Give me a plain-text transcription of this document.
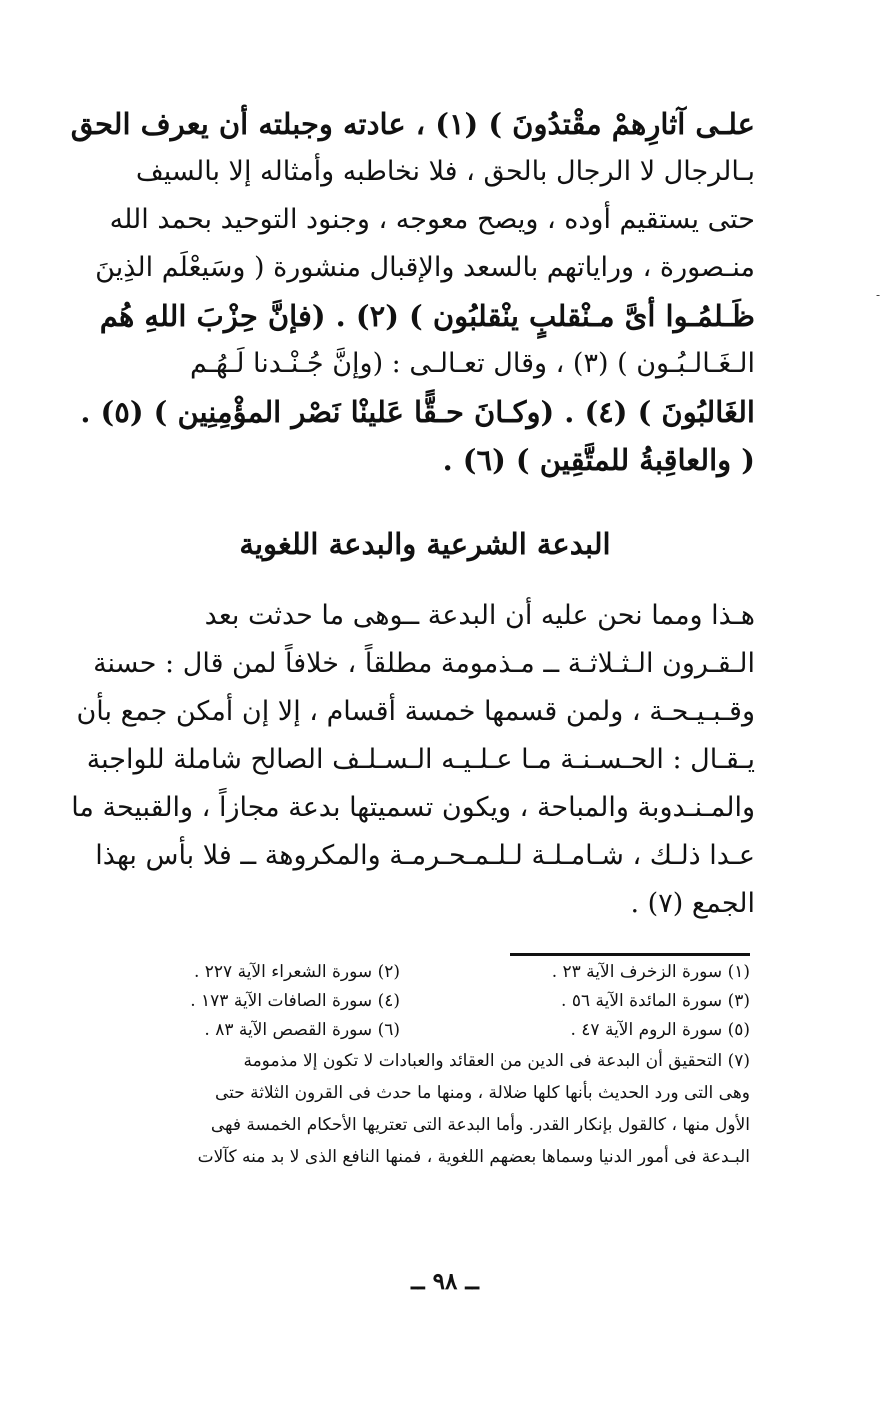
-
علـى آثارِهمْ مقْتدُونَ ) (١) ، عادته وجبلته أن يعرف الحق
بـالرجال لا الرجال بالحق ، فلا نخاطبه وأمثاله إلا بالسيف
حتى يستقيم أوده ، ويصح معوجه ، وجنود التوحيد بحمد الله
منـصورة ، وراياتهم بالسعد والإقبال منشورة ( وسَيعْلَم الذِينَ
ظَـلمُـوا أىَّ مـنْقلبٍ ينْقلبُون ) (٢) . (فإنَّ حِزْبَ اللهِ هُم
الـغَـالـبُـون ) (٣) ، وقال تعـالـى : (وإنَّ جُـنْـدنا لَـهُـم
الغَالبُونَ ) (٤) . (وكـانَ حـقًّا عَلينْا نَصْر المؤْمِنِين ) (٥) .
( والعاقِبةُ للمتَّقِين ) (٦) .
البدعة الشرعية والبدعة اللغوية
هـذا ومما نحن عليه أن البدعة ــوهى ما حدثت بعد
الـقـرون الـثـلاثـة ــ مـذمومة مطلقاً ، خلافاً لمن قال : حسنة
وقـبـيـحـة ، ولمن قسمها خمسة أقسام ، إلا إن أمكن جمع بأن
يـقـال : الحـسـنـة مـا عـلـيـه الـسـلـف الصالح شاملة للواجبة
والمـنـدوبة والمباحة ، ويكون تسميتها بدعة مجازاً ، والقبيحة ما
عـدا ذلـك ، شـامـلـة لـلـمـحـرمـة والمكروهة ــ فلا بأس بهذا
الجمع (٧) .
(١) سورة الزخرف الآية ٢٣ .
(٢) سورة الشعراء الآية ٢٢٧ .
(٣) سورة المائدة الآية ٥٦ .
(٤) سورة الصافات الآية ١٧٣ .
(٥) سورة الروم الآية ٤٧ .
(٦) سورة القصص الآية ٨٣ .
(٧) التحقيق أن البدعة فى الدين من العقائد والعبادات لا تكون إلا مذمومة
وهى التى ورد الحديث بأنها كلها ضلالة ، ومنها ما حدث فى القرون الثلاثة حتى
الأول منها ، كالقول بإنكار القدر. وأما البدعة التى تعتريها الأحكام الخمسة فهى
البـدعة فى أمور الدنيا وسماها بعضهم اللغوية ، فمنها النافع الذى لا بد منه كآلات
ــ ٩٨ ــ
